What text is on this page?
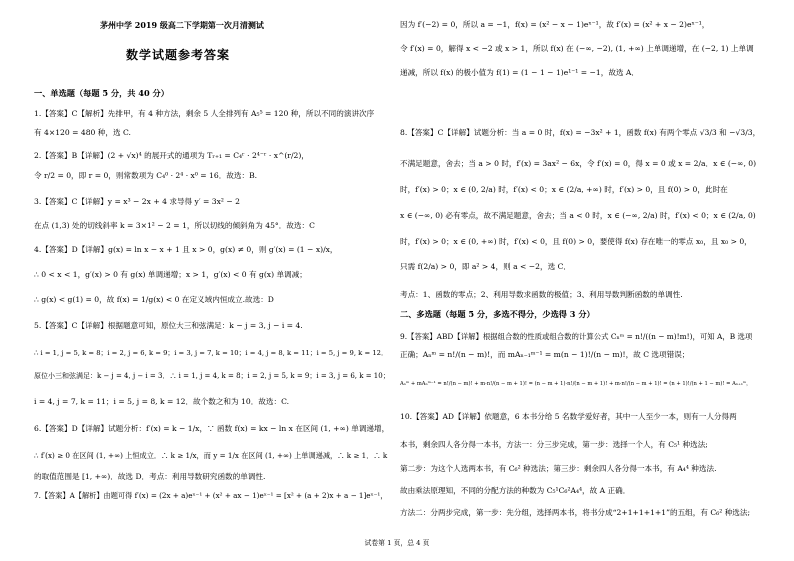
茅州中学 2019 级高二下学期第一次月清测试
数学试题参考答案
一、单选题（每题 5 分，共 40 分）
1.【答案】C【解析】先排甲，有 4 种方法，剩余 5 人全排列有 A₅⁵ = 120 种，所以不同的演讲次序
有 4×120 = 480 种，选 C.
2.【答案】B【详解】(2 + √x)⁴ 的展开式的通项为 Tᵣ₊₁ = C₄ʳ · 2⁴⁻ʳ · x^(r/2)，
令 r/2 = 0，即 r = 0，则常数项为 C₄⁰ · 2⁴ · x⁰ = 16．故选：B.
3.【答案】C【详解】y = x³ − 2x + 4 求导得 y′ = 3x² − 2
在点 (1,3) 处的切线斜率 k = 3×1² − 2 = 1，所以切线的倾斜角为 45°．故选：C
4.【答案】D【详解】g(x) = ln x − x + 1 且 x > 0，g(x) ≠ 0，则 g′(x) = (1 − x)/x，
∴ 0 < x < 1，g′(x) > 0 有 g(x) 单调递增；x > 1，g′(x) < 0 有 g(x) 单调减；
∴ g(x) < g(1) = 0，故 f(x) = 1/g(x) < 0 在定义域内恒成立.故选：D
5.【答案】C【详解】根据题意可知，原位大三和弦满足：k − j = 3, j − i = 4.
∴ i = 1, j = 5, k = 8；i = 2, j = 6, k = 9；i = 3, j = 7, k = 10；i = 4, j = 8, k = 11；i = 5, j = 9, k = 12．
原位小三和弦满足：k − j = 4, j − i = 3．∴ i = 1, j = 4, k = 8；i = 2, j = 5, k = 9；i = 3, j = 6, k = 10；
i = 4, j = 7, k = 11；i = 5, j = 8, k = 12．故个数之和为 10．故选：C.
6.【答案】D【详解】试题分析：f′(x) = k − 1/x，∵ 函数 f(x) = kx − ln x 在区间 (1, +∞) 单调递增，
∴ f′(x) ≥ 0 在区间 (1, +∞) 上恒成立．∴ k ≥ 1/x，而 y = 1/x 在区间 (1, +∞) 上单调递减，∴ k ≥ 1．∴ k
的取值范围是 [1, +∞)．故选 D．考点：利用导数研究函数的单调性.
7.【答案】A【解析】由题可得 f′(x) = (2x + a)eˣ⁻¹ + (x² + ax − 1)eˣ⁻¹ = [x² + (a + 2)x + a − 1]eˣ⁻¹，
因为 f′(−2) = 0，所以 a = −1，f(x) = (x² − x − 1)eˣ⁻¹，故 f′(x) = (x² + x − 2)eˣ⁻¹，
令 f′(x) = 0，解得 x < −2 或 x > 1，所以 f(x) 在 (−∞, −2), (1, +∞) 上单调递增，在 (−2, 1) 上单调
递减，所以 f(x) 的极小值为 f(1) = (1 − 1 − 1)e¹⁻¹ = −1，故选 A．
8.【答案】C【详解】试题分析：当 a = 0 时，f(x) = −3x² + 1，函数 f(x) 有两个零点 √3/3 和 −√3/3，
不满足题意，舍去；当 a > 0 时，f′(x) = 3ax² − 6x，令 f′(x) = 0，得 x = 0 或 x = 2/a．x ∈ (−∞, 0)
时，f′(x) > 0；x ∈ (0, 2/a) 时，f′(x) < 0；x ∈ (2/a, +∞) 时，f′(x) > 0，且 f(0) > 0，此时在
x ∈ (−∞, 0) 必有零点，故不满足题意，舍去；当 a < 0 时，x ∈ (−∞, 2/a) 时，f′(x) < 0；x ∈ (2/a, 0)
时，f′(x) > 0；x ∈ (0, +∞) 时，f′(x) < 0，且 f(0) > 0，要使得 f(x) 存在唯一的零点 x₀，且 x₀ > 0，
只需 f(2/a) > 0，即 a² > 4，则 a < −2，选 C．
考点：1、函数的零点；2、利用导数求函数的极值；3、利用导数判断函数的单调性.
二、多选题（每题 5 分，多选不得分，少选得 3 分）
9.【答案】ABD【详解】根据组合数的性质或组合数的计算公式 Cₙᵐ = n!/((n − m)!m!)，可知 A，B 选项
正确；Aₙᵐ = n!/(n − m)!，而 mAₙ₋₁ᵐ⁻¹ = m(n − 1)!/(n − m)!，故 C 选项错误；
Aₙᵐ + mAₙᵐ⁻¹ = n!/(n − m)! + m·n!/(n − m + 1)! = (n − m + 1)·n!/(n − m + 1)! + m·n!/(n − m + 1)! = (n + 1)!/(n + 1 − m)! = Aₙ₊₁ᵐ，
10.【答案】AD【详解】依题意，6 本书分给 5 名数学爱好者，其中一人至少一本，则有一人分得两
本书，剩余四人各分得一本书，方法一：分三步完成，第一步：选择一个人，有 C₅¹ 种选法;
第二步：为这个人选两本书，有 C₆² 种选法；第三步：剩余四人各分得一本书，有 A₄⁴ 种选法.
故由乘法原理知，不同的分配方法的种数为 C₅¹C₆²A₄⁴，故 A 正确．
方法二：分两步完成，第一步：先分组，选择两本书，将书分成“2+1+1+1+1”的五组，有 C₆² 种选法;
试卷第 1 页，总 4 页
